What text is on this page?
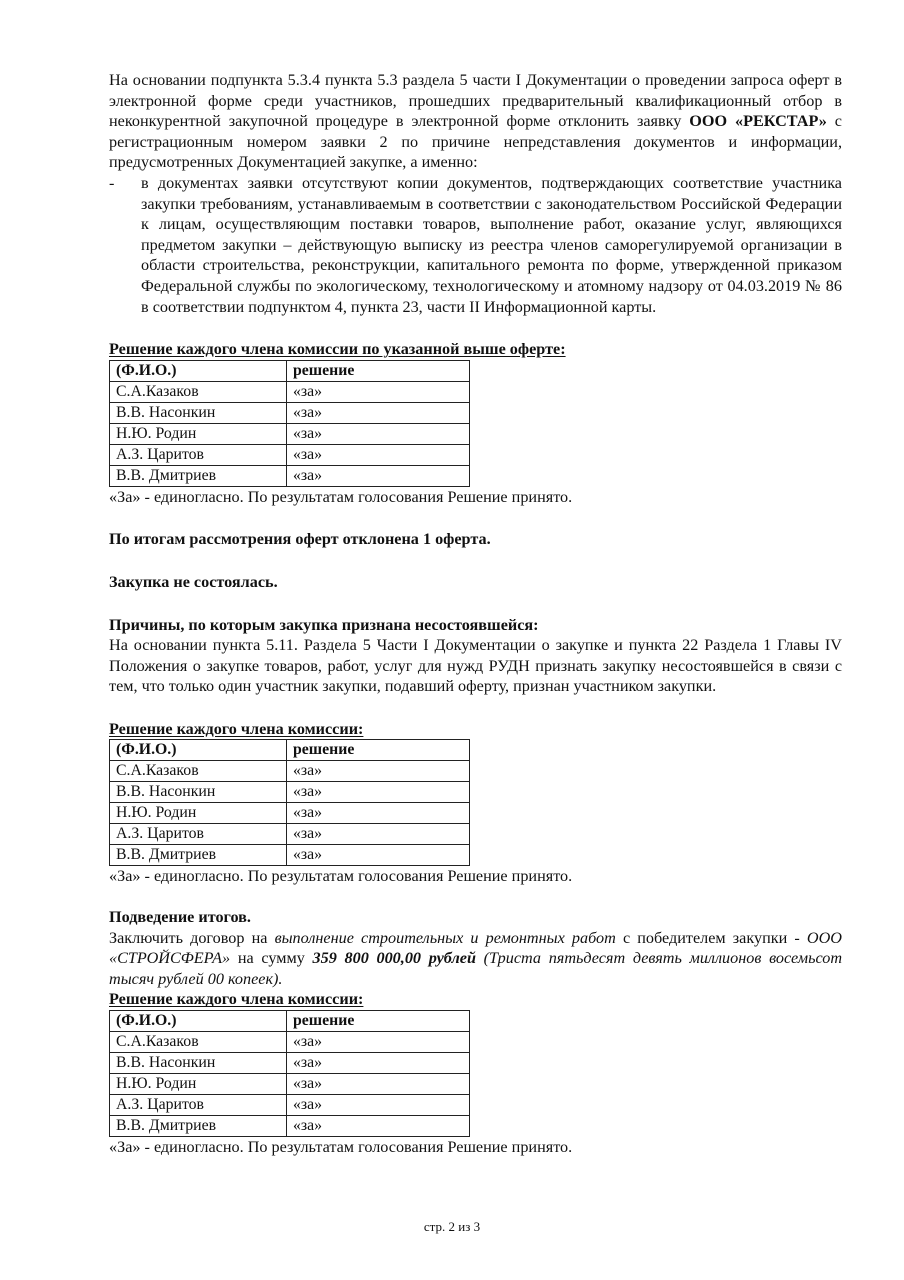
На основании подпункта 5.3.4 пункта 5.3 раздела 5 части I Документации о проведении запроса оферт в электронной форме среди участников, прошедших предварительный квалификационный отбор в неконкурентной закупочной процедуре в электронной форме отклонить заявку ООО «РЕКСТАР» с регистрационным номером заявки 2 по причине непредставления документов и информации, предусмотренных Документацией закупке, а именно:

-	в документах заявки отсутствуют копии документов, подтверждающих соответствие участника закупки требованиям, устанавливаемым в соответствии с законодательством Российской Федерации к лицам, осуществляющим поставки товаров, выполнение работ, оказание услуг, являющихся предметом закупки – действующую выписку из реестра членов саморегулируемой организации в области строительства, реконструкции, капитального ремонта по форме, утвержденной приказом Федеральной службы по экологическому, технологическому и атомному надзору от 04.03.2019 № 86 в соответствии подпунктом 4, пункта 23, части II Информационной карты.

Решение каждого члена комиссии по указанной выше оферте:

(Ф.И.О.)	решение
С.А.Казаков	«за»
В.В. Насонкин	«за»
Н.Ю. Родин	«за»
А.З. Царитов	«за»
В.В. Дмитриев	«за»

«За» - единогласно. По результатам голосования Решение принято.

По итогам рассмотрения оферт отклонена 1 оферта.

Закупка не состоялась.

Причины, по которым закупка признана несостоявшейся:

На основании пункта 5.11. Раздела 5 Части I Документации о закупке и пункта 22 Раздела 1 Главы IV Положения о закупке товаров, работ, услуг для нужд РУДН признать закупку несостоявшейся в связи с тем, что только один участник закупки, подавший оферту, признан участником закупки.

Решение каждого члена комиссии:

(Ф.И.О.)	решение
С.А.Казаков	«за»
В.В. Насонкин	«за»
Н.Ю. Родин	«за»
А.З. Царитов	«за»
В.В. Дмитриев	«за»

«За» - единогласно. По результатам голосования Решение принято.

Подведение итогов.

Заключить договор на выполнение строительных и ремонтных работ с победителем закупки - ООО «СТРОЙСФЕРА» на сумму 359 800 000,00 рублей (Триста пятьдесят девять миллионов восемьсот тысяч рублей 00 копеек).

Решение каждого члена комиссии:

(Ф.И.О.)	решение
С.А.Казаков	«за»
В.В. Насонкин	«за»
Н.Ю. Родин	«за»
А.З. Царитов	«за»
В.В. Дмитриев	«за»

«За» - единогласно. По результатам голосования Решение принято.

стр. 2 из 3
